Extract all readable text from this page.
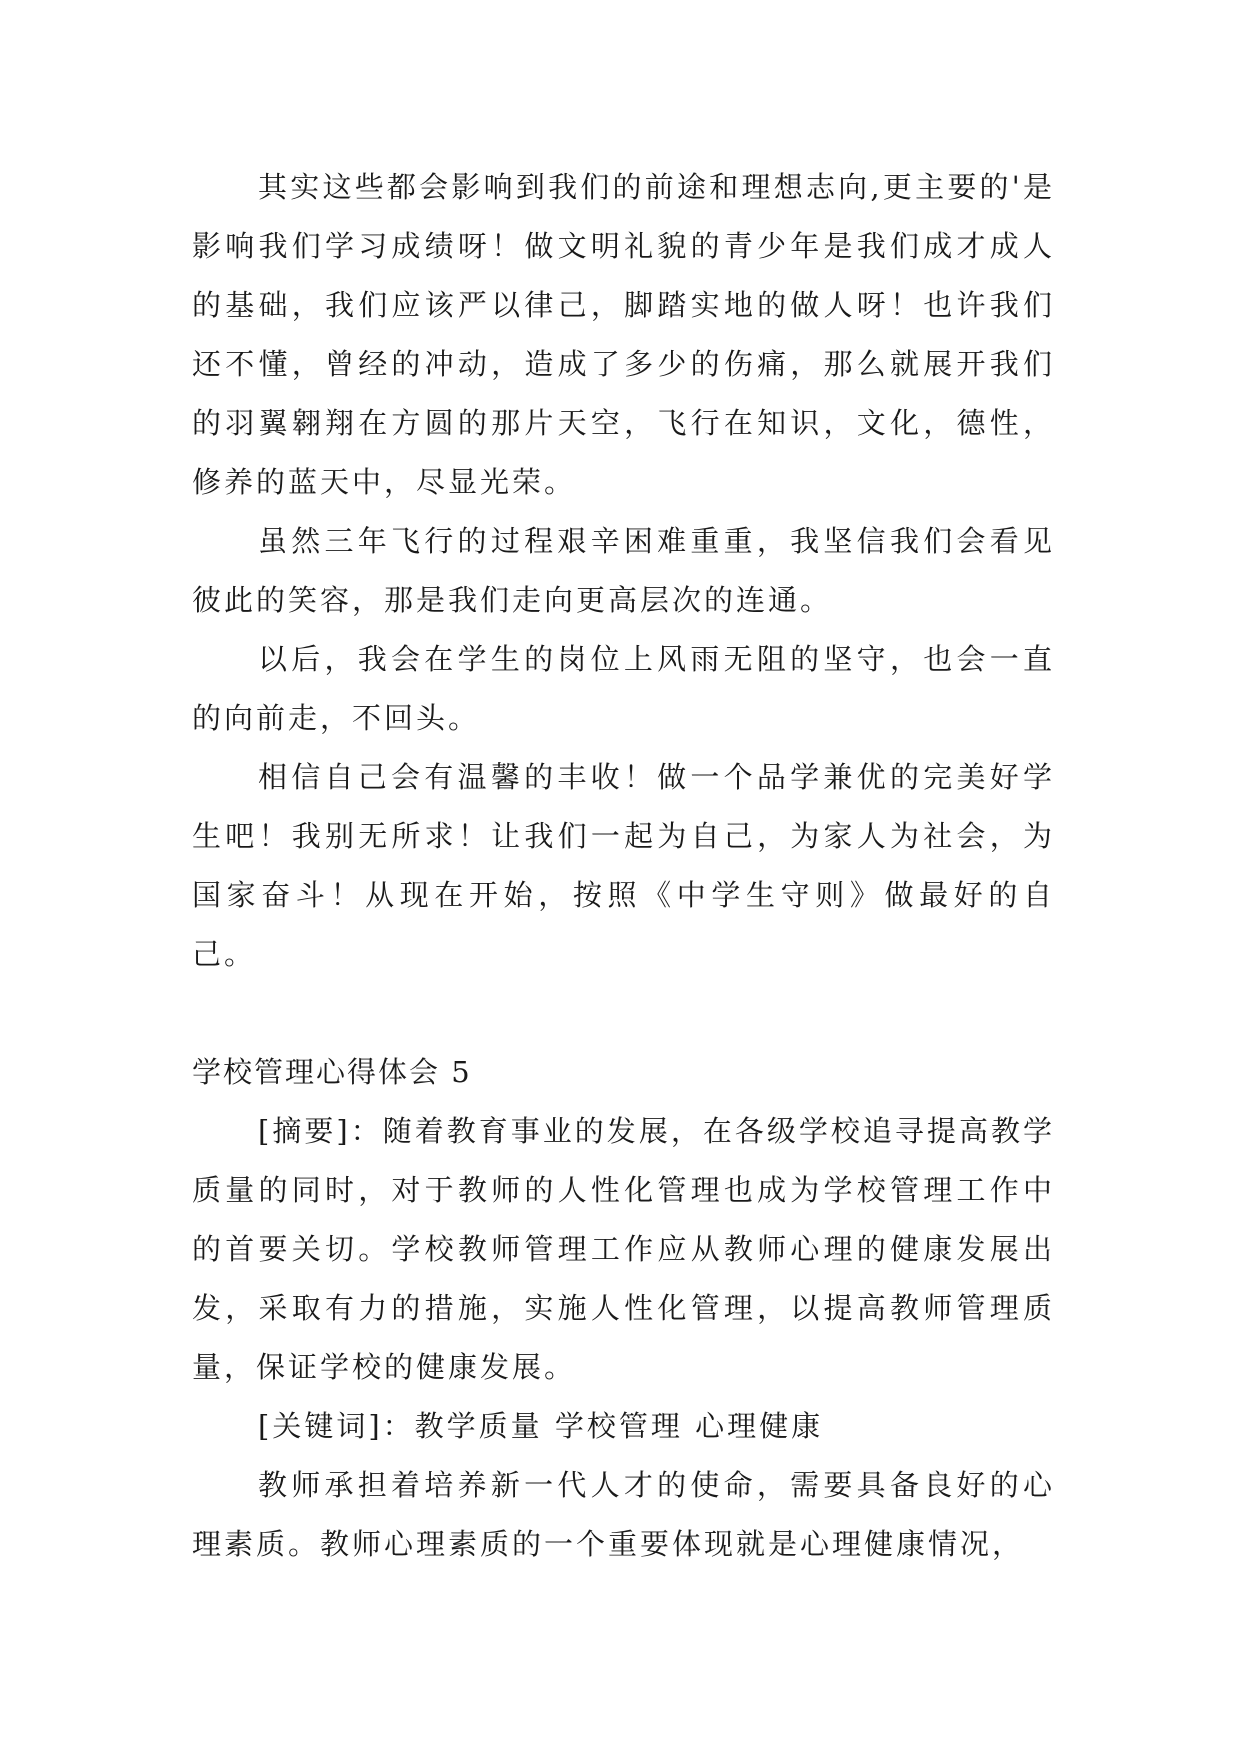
其实这些都会影响到我们的前途和理想志向,更主要的'是影响我们学习成绩呀！做文明礼貌的青少年是我们成才成人的基础，我们应该严以律己，脚踏实地的做人呀！也许我们还不懂，曾经的冲动，造成了多少的伤痛，那么就展开我们的羽翼翱翔在方圆的那片天空，飞行在知识，文化，德性，修养的蓝天中，尽显光荣。

虽然三年飞行的过程艰辛困难重重，我坚信我们会看见彼此的笑容，那是我们走向更高层次的连通。

以后，我会在学生的岗位上风雨无阻的坚守，也会一直的向前走，不回头。

相信自己会有温馨的丰收！做一个品学兼优的完美好学生吧！我别无所求！让我们一起为自己，为家人为社会，为国家奋斗！从现在开始，按照《中学生守则》做最好的自己。

学校管理心得体会 5

[摘要]：随着教育事业的发展，在各级学校追寻提高教学质量的同时，对于教师的人性化管理也成为学校管理工作中的首要关切。学校教师管理工作应从教师心理的健康发展出发，采取有力的措施，实施人性化管理，以提高教师管理质量，保证学校的健康发展。

[关键词]：教学质量 学校管理 心理健康

教师承担着培养新一代人才的使命，需要具备良好的心理素质。教师心理素质的一个重要体现就是心理健康情况，
